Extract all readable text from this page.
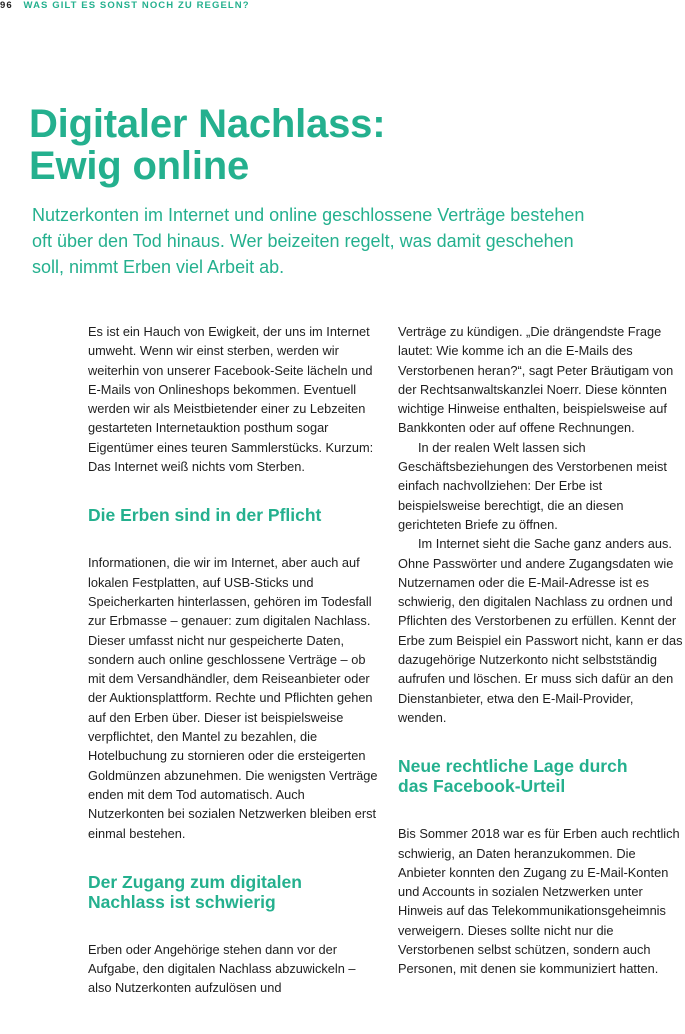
96 WAS GILT ES SONST NOCH ZU REGELN?
Digitaler Nachlass:
Ewig online

Nutzerkonten im Internet und online geschlossene Verträge bestehen oft über den Tod hinaus. Wer beizeiten regelt, was damit geschehen soll, nimmt Erben viel Arbeit ab.

Es ist ein Hauch von Ewigkeit, der uns im Internet umweht. Wenn wir einst sterben, werden wir weiterhin von unserer Facebook-Seite lächeln und E-Mails von Onlineshops bekommen. Eventuell werden wir als Meistbietender einer zu Lebzeiten gestarteten Internetauktion posthum sogar Eigentümer eines teuren Sammlerstücks. Kurzum: Das Internet weiß nichts vom Sterben.

Die Erben sind in der Pflicht

Informationen, die wir im Internet, aber auch auf lokalen Festplatten, auf USB-Sticks und Speicherkarten hinterlassen, gehören im Todesfall zur Erbmasse – genauer: zum digitalen Nachlass. Dieser umfasst nicht nur gespeicherte Daten, sondern auch online geschlossene Verträge – ob mit dem Versandhändler, dem Reiseanbieter oder der Auktionsplattform. Rechte und Pflichten gehen auf den Erben über. Dieser ist beispielsweise verpflichtet, den Mantel zu bezahlen, die Hotelbuchung zu stornieren oder die ersteigerten Goldmünzen abzunehmen. Die wenigsten Verträge enden mit dem Tod automatisch. Auch Nutzerkonten bei sozialen Netzwerken bleiben erst einmal bestehen.

Der Zugang zum digitalen
Nachlass ist schwierig

Erben oder Angehörige stehen dann vor der Aufgabe, den digitalen Nachlass abzuwickeln – also Nutzerkonten aufzulösen und

Verträge zu kündigen. „Die drängendste Frage lautet: Wie komme ich an die E-Mails des Verstorbenen heran?“, sagt Peter Bräutigam von der Rechtsanwaltskanzlei Noerr. Diese könnten wichtige Hinweise enthalten, beispielsweise auf Bankkonten oder auf offene Rechnungen.

In der realen Welt lassen sich Geschäftsbeziehungen des Verstorbenen meist einfach nachvollziehen: Der Erbe ist beispielsweise berechtigt, die an diesen gerichteten Briefe zu öffnen.

Im Internet sieht die Sache ganz anders aus. Ohne Passwörter und andere Zugangsdaten wie Nutzernamen oder die E-Mail-Adresse ist es schwierig, den digitalen Nachlass zu ordnen und Pflichten des Verstorbenen zu erfüllen. Kennt der Erbe zum Beispiel ein Passwort nicht, kann er das dazugehörige Nutzerkonto nicht selbstständig aufrufen und löschen. Er muss sich dafür an den Dienstanbieter, etwa den E-Mail-Provider, wenden.

Neue rechtliche Lage durch
das Facebook-Urteil

Bis Sommer 2018 war es für Erben auch rechtlich schwierig, an Daten heranzukommen. Die Anbieter konnten den Zugang zu E-Mail-Konten und Accounts in sozialen Netzwerken unter Hinweis auf das Telekommunikationsgeheimnis verweigern. Dieses sollte nicht nur die Verstorbenen selbst schützen, sondern auch Personen, mit denen sie kommuniziert hatten.
